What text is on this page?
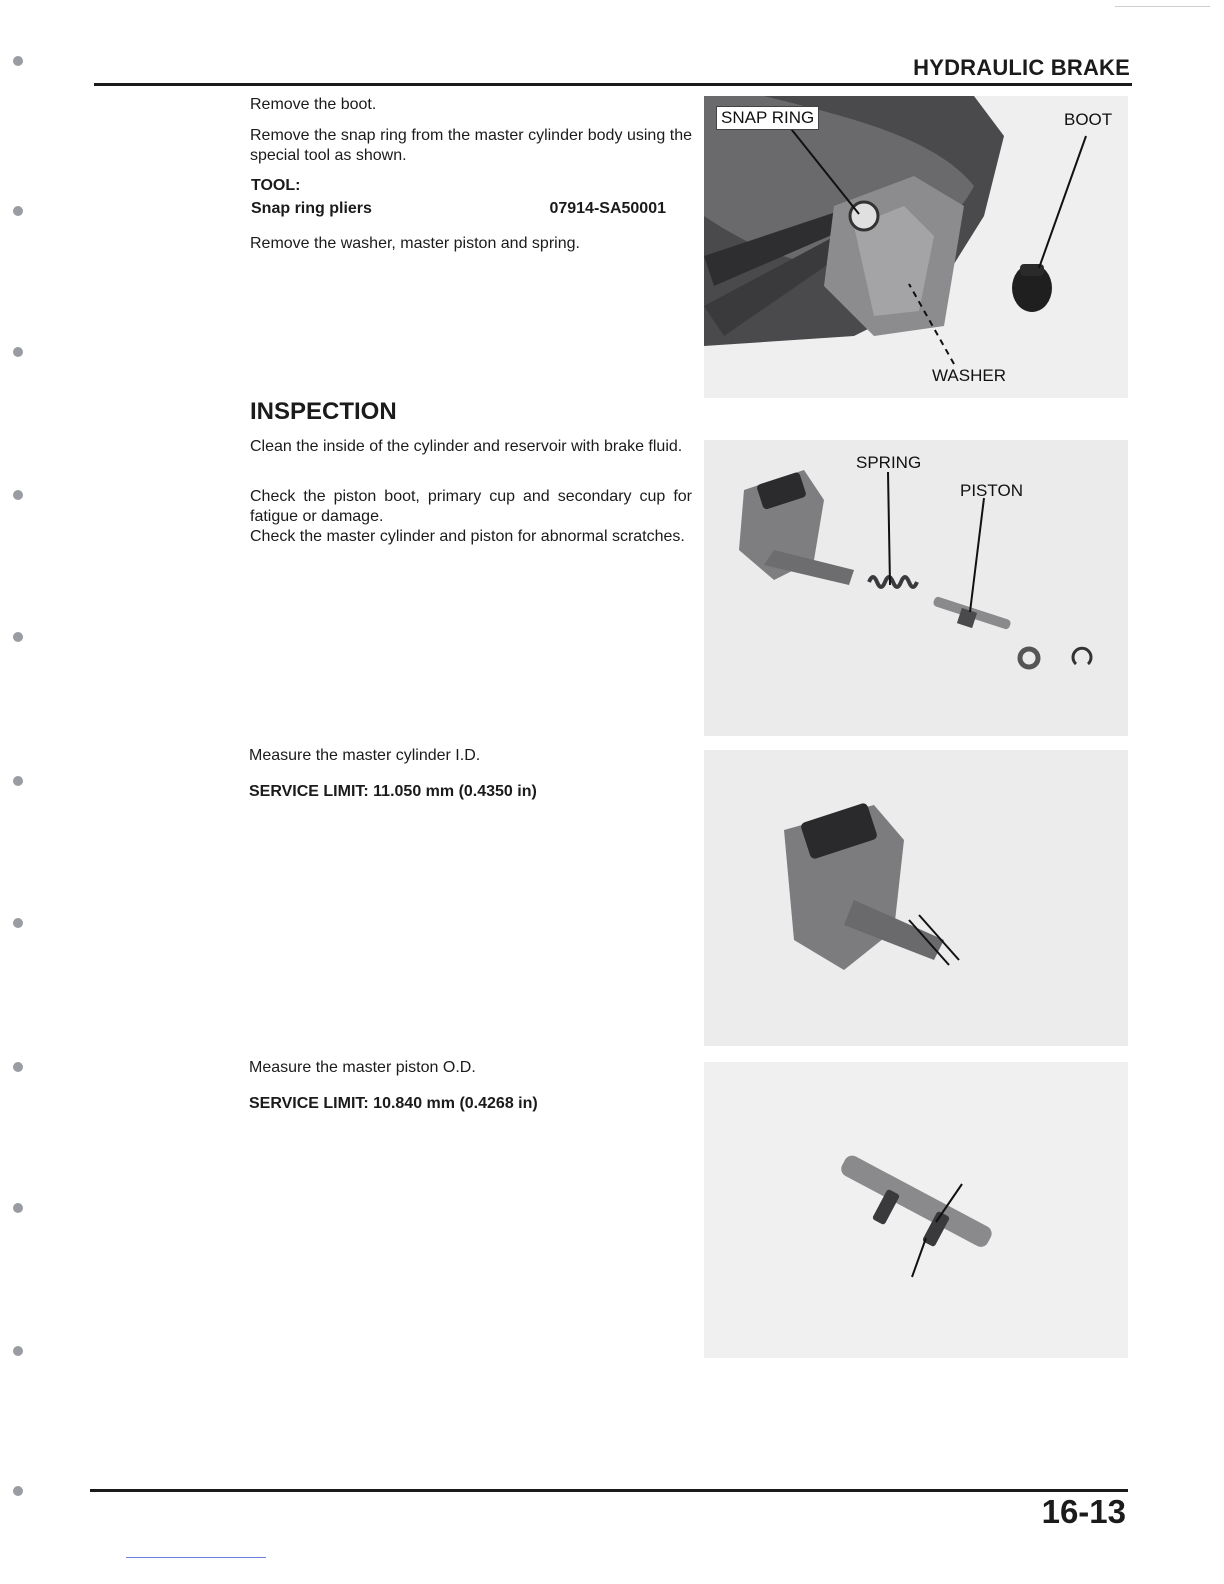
HYDRAULIC BRAKE
Remove the boot.
Remove the snap ring from the master cylinder body using the special tool as shown.
TOOL:
Snap ring pliers	07914-SA50001
Remove the washer, master piston and spring.
SNAP RING	BOOT
WASHER
INSPECTION
Clean the inside of the cylinder and reservoir with brake fluid.
Check the piston boot, primary cup and secondary cup for fatigue or damage.
Check the master cylinder and piston for abnormal scratches.
SPRING
PISTON
Measure the master cylinder I.D.
SERVICE LIMIT: 11.050 mm (0.4350 in)
Measure the master piston O.D.
SERVICE LIMIT: 10.840 mm (0.4268 in)
16-13
